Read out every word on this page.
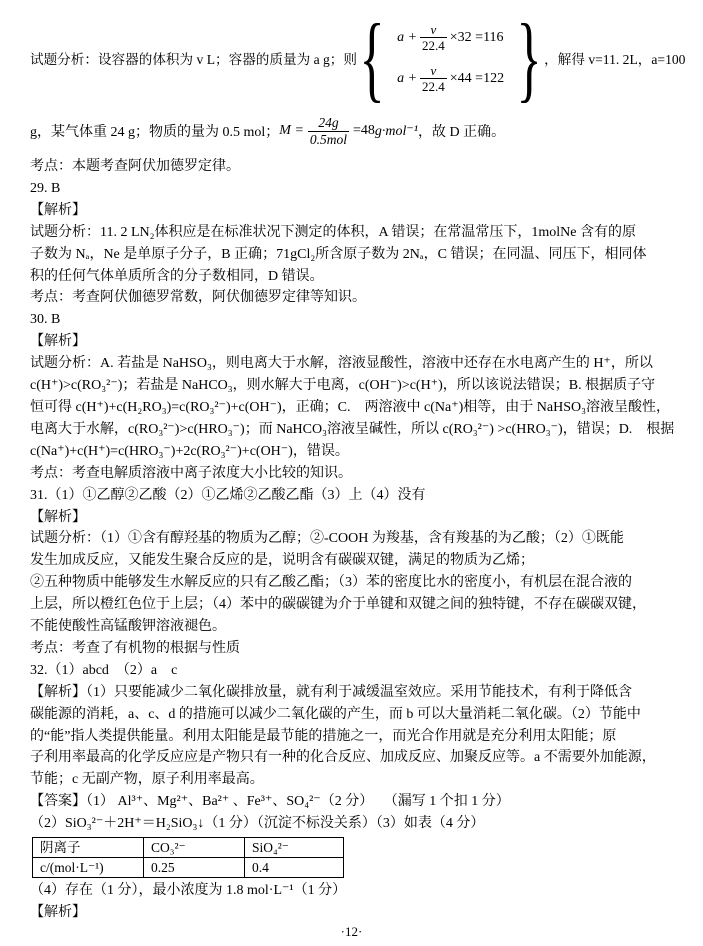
试题分析：设容器的体积为 v L；容器的质量为 a g；则 { $a + \frac{v}{22.4} \times 32 =116$
$a + \frac{v}{22.4} \times 44 =122$ } ，解得 v=11. 2L，a=100
g，某气体重 24 g；物质的量为 0.5 mol； $M = \frac{24g}{\text{0.5mol}} =48$ g·mol⁻¹ ，故 D 正确。

考点：本题考查阿伏加德罗定律。

29. B

【解析】

试题分析：11. 2 LN₂体积应是在标准状况下测定的体积，A 错误；在常温常压下，1molNe 含有的原

子数为 Nₐ，Ne 是单原子分子，B 正确；71gCl₂所含原子数为 2Nₐ，C 错误；在同温、同压下，相同体

积的任何气体单质所含的分子数相同，D 错误。

考点：考查阿伏伽德罗常数，阿伏伽德罗定律等知识。

30. B

【解析】

试题分析：A. 若盐是 NaHSO₃，则电离大于水解，溶液显酸性，溶液中还存在水电离产生的 H⁺，所以

c(H⁺)>c(RO₃²⁻)；若盐是 NaHCO₃，则水解大于电离，c(OH⁻)>c(H⁺)，所以该说法错误；B. 根据质子守

恒可得 c(H⁺)+c(H₂RO₃)=c(RO₃²⁻)+c(OH⁻)，正确；C.　两溶液中 c(Na⁺)相等，由于 NaHSO₃溶液呈酸性，

电离大于水解，c(RO₃²⁻)>c(HRO₃⁻)；而 NaHCO₃溶液呈碱性，所以 c(RO₃²⁻) >c(HRO₃⁻)，错误；D.　根据

c(Na⁺)+c(H⁺)=c(HRO₃⁻)+2c(RO₃²⁻)+c(OH⁻)，错误。

考点：考查电解质溶液中离子浓度大小比较的知识。

31.（1）①乙醇②乙酸（2）①乙烯②乙酸乙酯（3）上（4）没有

【解析】

试题分析：（1）①含有醇羟基的物质为乙醇；②-COOH 为羧基，含有羧基的为乙酸；（2）①既能

发生加成反应，又能发生聚合反应的是，说明含有碳碳双键，满足的物质为乙烯；

②五种物质中能够发生水解反应的只有乙酸乙酯；（3）苯的密度比水的密度小，有机层在混合液的

上层，所以橙红色位于上层；（4）苯中的碳碳键为介于单键和双键之间的独特键，不存在碳碳双键，

不能使酸性高锰酸钾溶液褪色。

考点：考查了有机物的根据与性质

32.（1）abcd　（2）a　c

【解析】（1）只要能减少二氧化碳排放量，就有利于减缓温室效应。采用节能技术，有利于降低含

碳能源的消耗，a、c、d 的措施可以减少二氧化碳的产生，而 b 可以大量消耗二氧化碳。（2）节能中

的“能”指人类提供能量。利用太阳能是最节能的措施之一，而光合作用就是充分利用太阳能；原

子利用率最高的化学反应应是产物只有一种的化合反应、加成反应、加聚反应等。a 不需要外加能源，

节能；c 无副产物，原子利用率最高。

【答案】（1） Al³⁺、Mg²⁺、Ba²⁺ 、Fe³⁺、SO₄²⁻（2 分）　 （漏写 1 个扣 1 分）

（2）SiO₃²⁻＋2H⁺＝H₂SiO₃↓（1 分）（沉淀不标没关系）（3）如表（4 分）

阴离子	CO₃²⁻	SiO₄²⁻
c/(mol·L⁻¹)	0.25	0.4

（4）存在（1 分），最小浓度为 1.8 mol·L⁻¹（1 分）

【解析】

·12·
